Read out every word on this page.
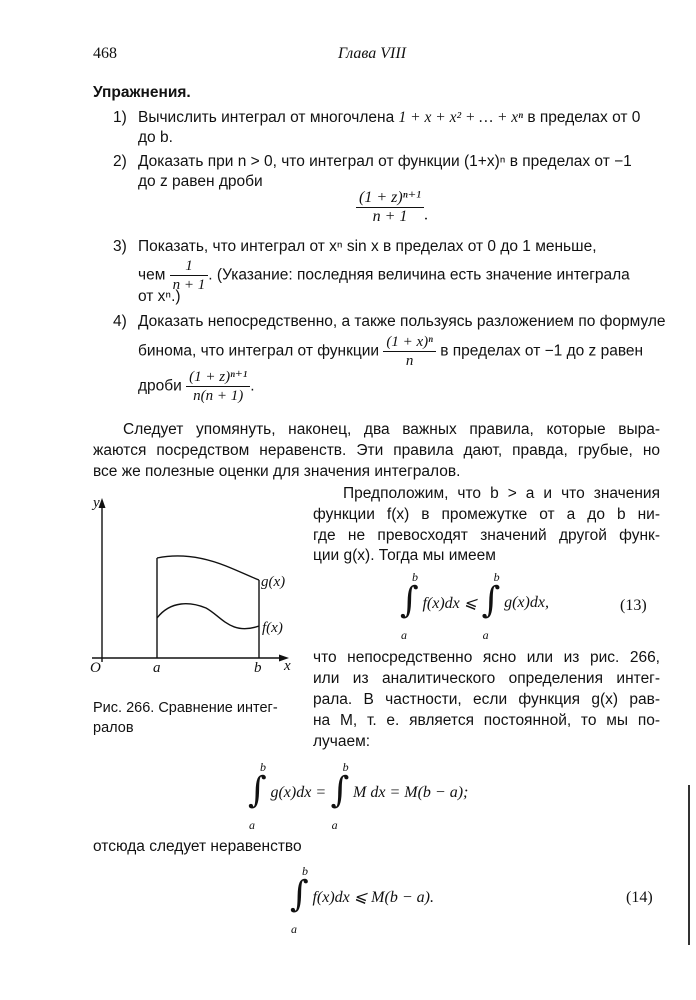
468	Глава VIII
Упражнения.
1) Вычислить интеграл от многочлена 1 + x + x² + … + xⁿ в пределах от 0
до b.
2) Доказать при n > 0, что интеграл от функции (1+x)ⁿ в пределах от −1
до z равен дроби
$\frac{\text{(1 + z)ⁿ⁺¹}}{n + 1}$ .
3) Показать, что интеграл от xⁿ sin x в пределах от 0 до 1 меньше,
чем $\frac{1}{n + 1}$ . (Указание: последняя величина есть значение интеграла
от xⁿ.)
4) Доказать непосредственно, а также пользуясь разложением по формуле
бинома, что интеграл от функции $\frac{\text{(1 + x)ⁿ}}{n}$ в пределах от −1 до z равен
дроби $\frac{\text{(1 + z)ⁿ⁺¹}}{n(n + 1)}$ .
Следует упомянуть, наконец, два важных правила, которые выра-
жаются посредством неравенств. Эти правила дают, правда, грубые, но
все же полезные оценки для значения интегралов.
Предположим, что b > a и что значения
функции f(x) в промежутке от a до b ни-
где не превосходят значений другой функ-
ции g(x). Тогда мы имеем
∫
b
a
f(x)dx ⩽ ∫
b
a
g(x)dx,	(13)
что непосредственно ясно или из рис. 266,
или из аналитического определения интег-
рала. В частности, если функция g(x) рав-
на M, т. е. является постоянной, то мы по-
лучаем:
y
x
O	a	b
g(x)
f(x)
Рис. 266. Сравнение интег-
ралов
∫
b
a
g(x)dx = ∫
b
a
M dx = M(b − a);
отсюда следует неравенство
∫
b
a
f(x)dx ⩽ M(b − a).	(14)
